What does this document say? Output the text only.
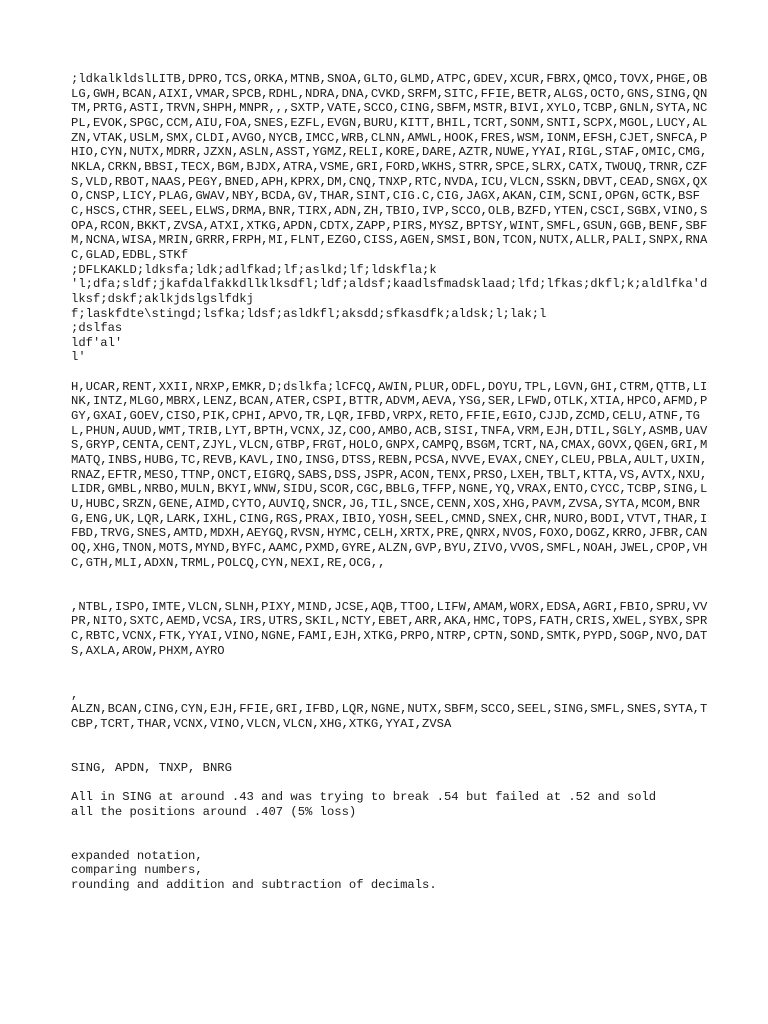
;ldkalkldslLITB,DPRO,TCS,ORKA,MTNB,SNOA,GLTO,GLMD,ATPC,GDEV,XCUR,FBRX,QMCO,TOVX,PHGE,OBLG,GWH,BCAN,AIXI,VMAR,SPCB,RDHL,NDRA,DNA,CVKD,SRFM,SITC,FFIE,BETR,ALGS,OCTO,GNS,SING,QNTM,PRTG,ASTI,TRVN,SHPH,MNPR,,,SXTP,VATE,SCCO,CING,SBFM,MSTR,BIVI,XYLO,TCBP,GNLN,SYTA,NCPL,EVOK,SPGC,CCM,AIU,FOA,SNES,EZFL,EVGN,BURU,KITT,BHIL,TCRT,SONM,SNTI,SCPX,MGOL,LUCY,ALZN,VTAK,USLM,SMX,CLDI,AVGO,NYCB,IMCC,WRB,CLNN,AMWL,HOOK,FRES,WSM,IONM,EFSH,CJET,SNFCA,PHIO,CYN,NUTX,MDRR,JZXN,ASLN,ASST,YGMZ,RELI,KORE,DARE,AZTR,NUWE,YYAI,RIGL,STAF,OMIC,CMG,NKLA,CRKN,BBSI,TECX,BGM,BJDX,ATRA,VSME,GRI,FORD,WKHS,STRR,SPCE,SLRX,CATX,TWOUQ,TRNR,CZFS,VLD,RBOT,NAAS,PEGY,BNED,APH,KPRX,DM,CNQ,TNXP,RTC,NVDA,ICU,VLCN,SSKN,DBVT,CEAD,SNGX,QXO,CNSP,LICY,PLAG,GWAV,NBY,BCDA,GV,THAR,SINT,CIG.C,CIG,JAGX,AKAN,CIM,SCNI,OPGN,GCTK,BSFC,HSCS,CTHR,SEEL,ELWS,DRMA,BNR,TIRX,ADN,ZH,TBIO,IVP,SCCO,OLB,BZFD,YTEN,CSCI,SGBX,VINO,SOPA,RCON,BKKT,ZVSA,ATXI,XTKG,APDN,CDTX,ZAPP,PIRS,MYSZ,BPTSY,WINT,SMFL,GSUN,GGB,BENF,SBFM,NCNA,WISA,MRIN,GRRR,FRPH,MI,FLNT,EZGO,CISS,AGEN,SMSI,BON,TCON,NUTX,ALLR,PALI,SNPX,RNAC,GLAD,EDBL,STKf

;DFLKAKLD;ldksfa;ldk;adlfkad;lf;aslkd;lf;ldskfla;k
'l;dfa;sldf;jkafdalfakkdllklksdfl;ldf;aldsf;kaadlsfmadsklaad;lfd;lfkas;dkfl;k;aldlfka'dlksf;dskf;aklkjdslgslfdkj
f;laskfdte\stingd;lsfka;ldsf;asldkfl;aksdd;sfkasdfk;aldsk;l;lak;l
;dslfas
ldf'al'
l'

H,UCAR,RENT,XXII,NRXP,EMKR,D;dslkfa;lCFCQ,AWIN,PLUR,ODFL,DOYU,TPL,LGVN,GHI,CTRM,QTTB,LINK,INTZ,MLGO,MBRX,LENZ,BCAN,ATER,CSPI,BTTR,ADVM,AEVA,YSG,SER,LFWD,OTLK,XTIA,HPCO,AFMD,PGY,GXAI,GOEV,CISO,PIK,CPHI,APVO,TR,LQR,IFBD,VRPX,RETO,FFIE,EGIO,CJJD,ZCMD,CELU,ATNF,TGL,PHUN,AUUD,WMT,TRIB,LYT,BPTH,VCNX,JZ,COO,AMBO,ACB,SISI,TNFA,VRM,EJH,DTIL,SGLY,ASMB,UAVS,GRYP,CENTA,CENT,ZJYL,VLCN,GTBP,FRGT,HOLO,GNPX,CAMPQ,BSGM,TCRT,NA,CMAX,GOVX,QGEN,GRI,MMATQ,INBS,HUBG,TC,REVB,KAVL,INO,INSG,DTSS,REBN,PCSA,NVVE,EVAX,CNEY,CLEU,PBLA,AULT,UXIN,RNAZ,EFTR,MESO,TTNP,ONCT,EIGRQ,SABS,DSS,JSPR,ACON,TENX,PRSO,LXEH,TBLT,KTTA,VS,AVTX,NXU,LIDR,GMBL,NRBO,MULN,BKYI,WNW,SIDU,SCOR,CGC,BBLG,TFFP,NGNE,YQ,VRAX,ENTO,CYCC,TCBP,SING,LU,HUBC,SRZN,GENE,AIMD,CYTO,AUVIQ,SNCR,JG,TIL,SNCE,CENN,XOS,XHG,PAVM,ZVSA,SYTA,MCOM,BNRG,ENG,UK,LQR,LARK,IXHL,CING,RGS,PRAX,IBIO,YOSH,SEEL,CMND,SNEX,CHR,NURO,BODI,VTVT,THAR,IFBD,TRVG,SNES,AMTD,MDXH,AEYGQ,RVSN,HYMC,CELH,XRTX,PRE,QNRX,NVOS,FOXO,DOGZ,KRRO,JFBR,CANOQ,XHG,TNON,MOTS,MYND,BYFC,AAMC,PXMD,GYRE,ALZN,GVP,BYU,ZIVO,VVOS,SMFL,NOAH,JWEL,CPOP,VHC,GTH,MLI,ADXN,TRML,POLCQ,CYN,NEXI,RE,OCG,,

,NTBL,ISPO,IMTE,VLCN,SLNH,PIXY,MIND,JCSE,AQB,TTOO,LIFW,AMAM,WORX,EDSA,AGRI,FBIO,SPRU,VVPR,NITO,SXTC,AEMD,VCSA,IRS,UTRS,SKIL,NCTY,EBET,ARR,AKA,HMC,TOPS,FATH,CRIS,XWEL,SYBX,SPRC,RBTC,VCNX,FTK,YYAI,VINO,NGNE,FAMI,EJH,XTKG,PRPO,NTRP,CPTN,SOND,SMTK,PYPD,SOGP,NVO,DATS,AXLA,AROW,PHXM,AYRO

,
ALZN,BCAN,CING,CYN,EJH,FFIE,GRI,IFBD,LQR,NGNE,NUTX,SBFM,SCCO,SEEL,SING,SMFL,SNES,SYTA,TCBP,TCRT,THAR,VCNX,VINO,VLCN,VLCN,XHG,XTKG,YYAI,ZVSA

SING, APDN, TNXP, BNRG

All in SING at around .43 and was trying to break .54 but failed at .52 and sold
all the positions around .407 (5% loss)

expanded notation,
comparing numbers,
rounding and addition and subtraction of decimals.
